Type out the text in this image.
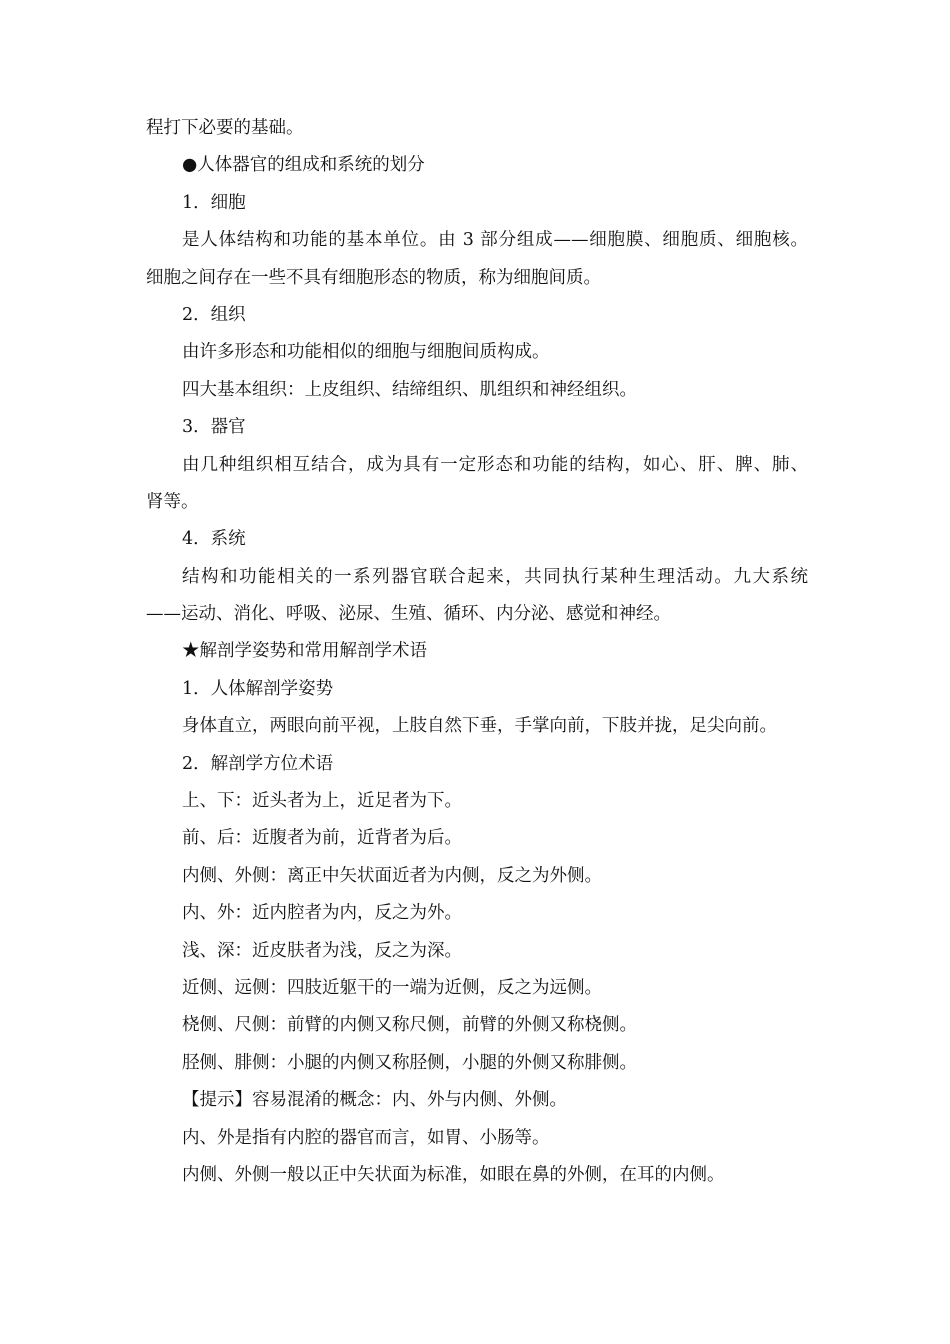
程打下必要的基础。
●人体器官的组成和系统的划分
1．细胞
是人体结构和功能的基本单位。由 3 部分组成——细胞膜、细胞质、细胞核。
细胞之间存在一些不具有细胞形态的物质，称为细胞间质。
2．组织
由许多形态和功能相似的细胞与细胞间质构成。
四大基本组织：上皮组织、结缔组织、肌组织和神经组织。
3．器官
由几种组织相互结合，成为具有一定形态和功能的结构，如心、肝、脾、肺、
肾等。
4．系统
结构和功能相关的一系列器官联合起来，共同执行某种生理活动。九大系统
——运动、消化、呼吸、泌尿、生殖、循环、内分泌、感觉和神经。
★解剖学姿势和常用解剖学术语
1．人体解剖学姿势
身体直立，两眼向前平视，上肢自然下垂，手掌向前，下肢并拢，足尖向前。
2．解剖学方位术语
上、下：近头者为上，近足者为下。
前、后：近腹者为前，近背者为后。
内侧、外侧：离正中矢状面近者为内侧，反之为外侧。
内、外：近内腔者为内，反之为外。
浅、深：近皮肤者为浅，反之为深。
近侧、远侧：四肢近躯干的一端为近侧，反之为远侧。
桡侧、尺侧：前臂的内侧又称尺侧，前臂的外侧又称桡侧。
胫侧、腓侧：小腿的内侧又称胫侧，小腿的外侧又称腓侧。
【提示】容易混淆的概念：内、外与内侧、外侧。
内、外是指有内腔的器官而言，如胃、小肠等。
内侧、外侧一般以正中矢状面为标准，如眼在鼻的外侧，在耳的内侧。
